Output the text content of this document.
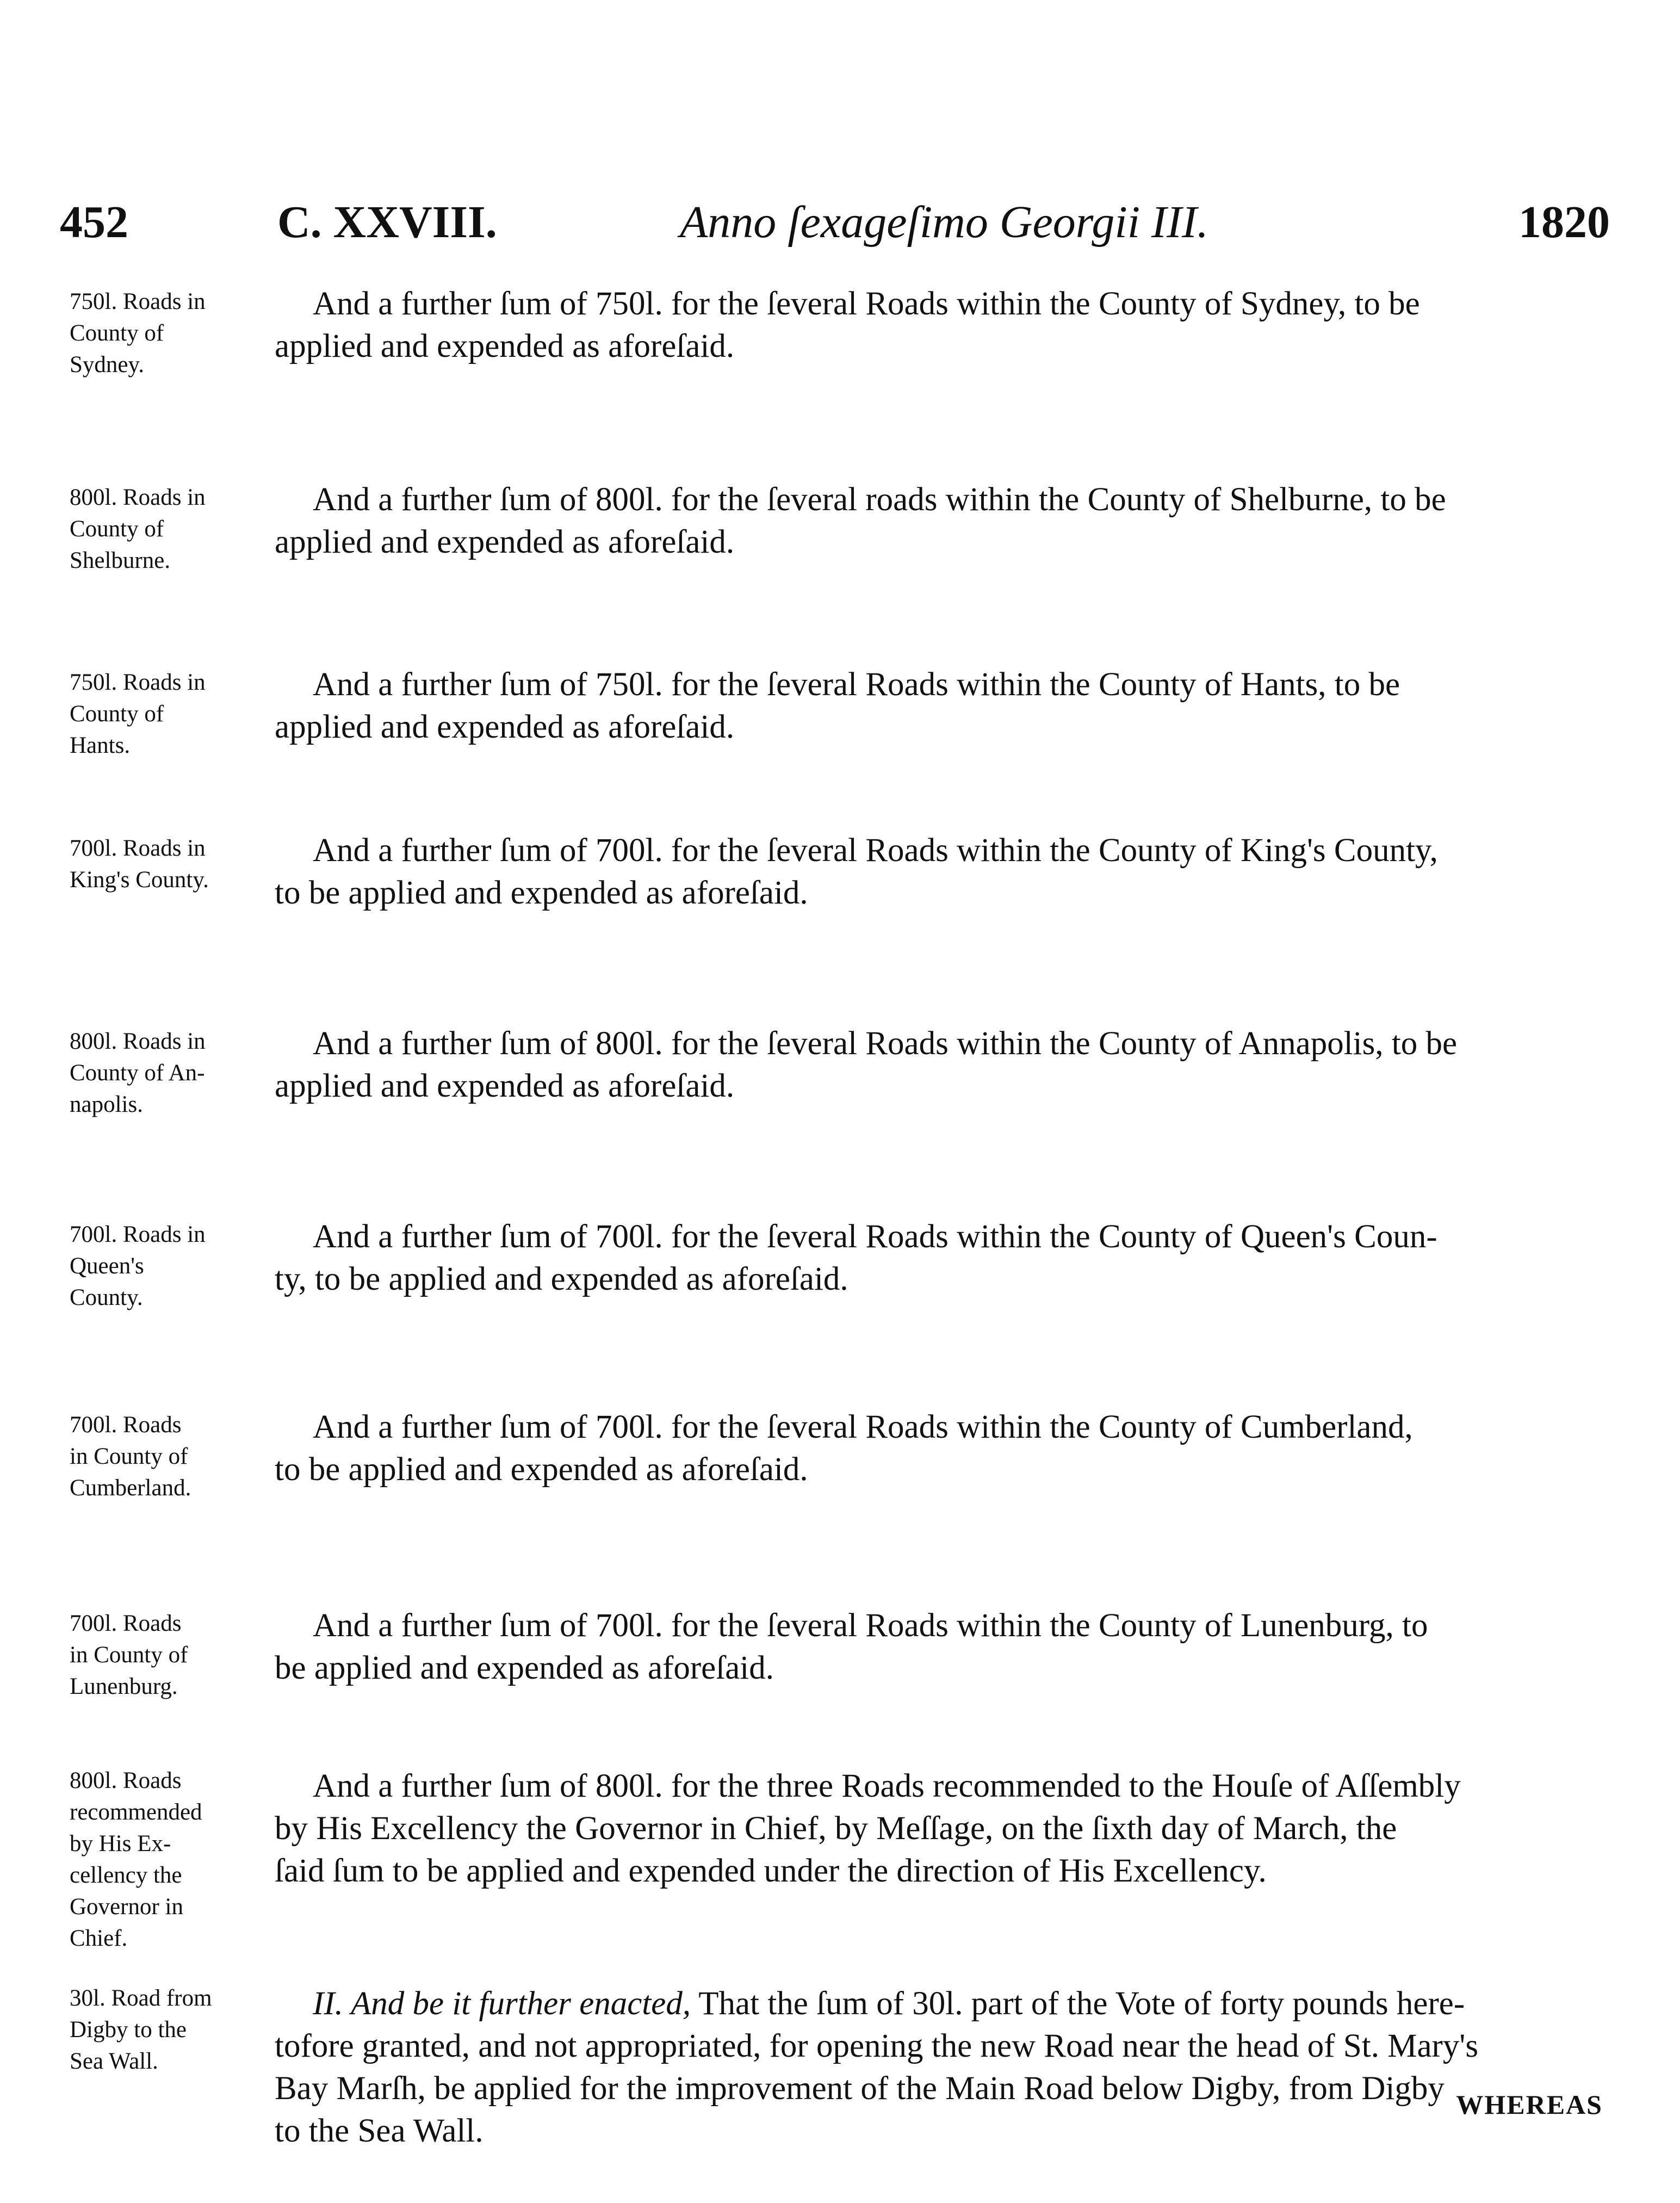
452	C. XXVIII.	Anno ſexageſimo Georgii III.	1820
750l. Roads in
County of
Sydney.
And a further ſum of 750l. for the ſeveral Roads within the County of Sydney, to be
applied and expended as aforeſaid.
800l. Roads in
County of
Shelburne.
And a further ſum of 800l. for the ſeveral roads within the County of Shelburne, to be
applied and expended as aforeſaid.
750l. Roads in
County of
Hants.
And a further ſum of 750l. for the ſeveral Roads within the County of Hants, to be
applied and expended as aforeſaid.
700l. Roads in
King's County.
And a further ſum of 700l. for the ſeveral Roads within the County of King's County,
to be applied and expended as aforeſaid.
800l. Roads in
County of An-
napolis.
And a further ſum of 800l. for the ſeveral Roads within the County of Annapolis, to be
applied and expended as aforeſaid.
700l. Roads in
Queen's
County.
And a further ſum of 700l. for the ſeveral Roads within the County of Queen's Coun-
ty, to be applied and expended as aforeſaid.
700l. Roads
in County of
Cumberland.
And a further ſum of 700l. for the ſeveral Roads within the County of Cumberland,
to be applied and expended as aforeſaid.
700l. Roads
in County of
Lunenburg.
And a further ſum of 700l. for the ſeveral Roads within the County of Lunenburg, to
be applied and expended as aforeſaid.
800l. Roads
recommended
by His Ex-
cellency the
Governor in
Chief.
And a further ſum of 800l. for the three Roads recommended to the Houſe of Aſſembly
by His Excellency the Governor in Chief, by Meſſage, on the ſixth day of March, the
ſaid ſum to be applied and expended under the direction of His Excellency.
30l. Road from
Digby to the
Sea Wall.
II. And be it further enacted, That the ſum of 30l. part of the Vote of forty pounds here-
tofore granted, and not appropriated, for opening the new Road near the head of St. Mary's
Bay Marſh, be applied for the improvement of the Main Road below Digby, from Digby
to the Sea Wall.
WHEREAS
